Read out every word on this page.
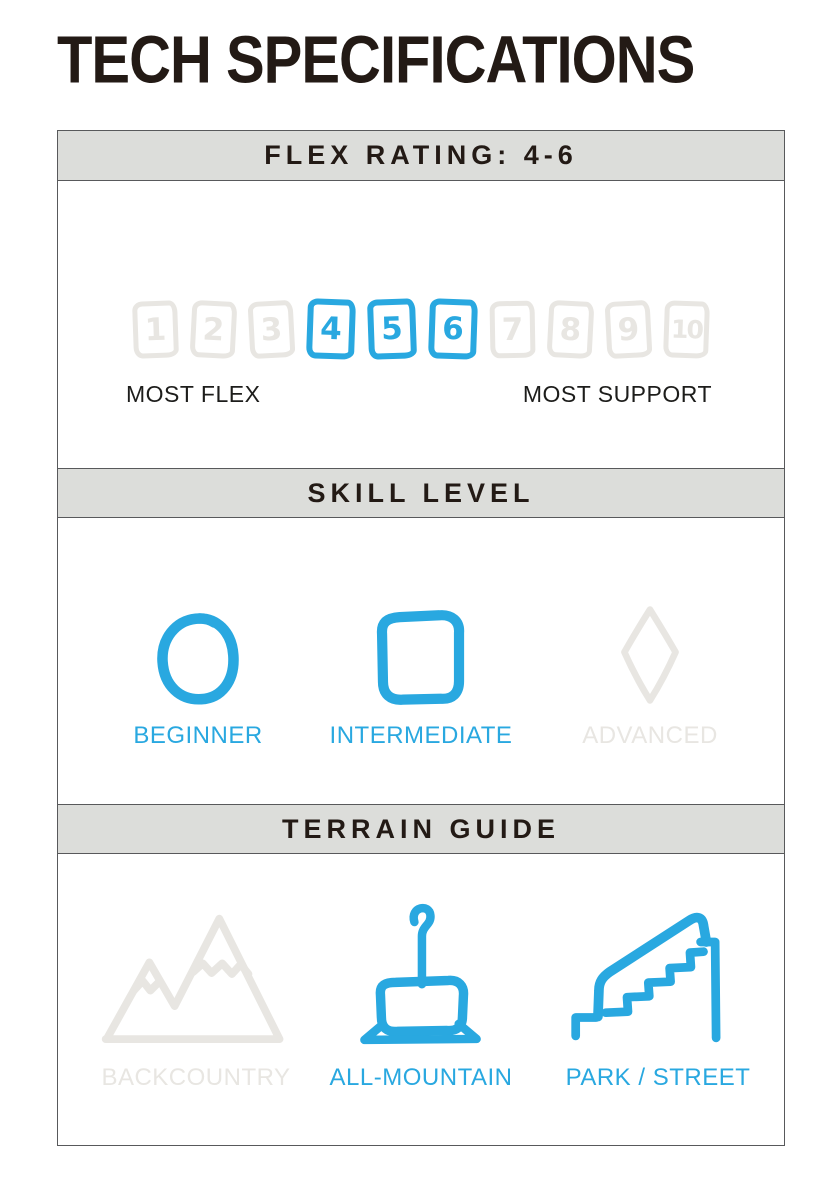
TECH SPECIFICATIONS
FLEX RATING: 4-6
1	2	3	4	5	6	7	8	9	10
MOST FLEX	MOST SUPPORT
SKILL LEVEL
BEGINNER	INTERMEDIATE	ADVANCED
TERRAIN GUIDE
BACKCOUNTRY ALL-MOUNTAIN PARK / STREET
